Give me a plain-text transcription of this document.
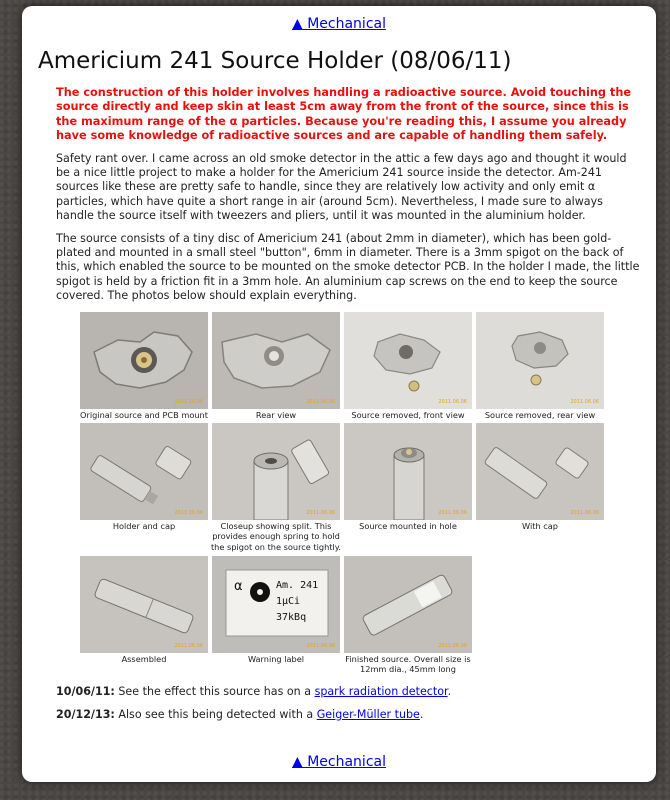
▲ Mechanical
Americium 241 Source Holder (08/06/11)

The construction of this holder involves handling a radioactive source. Avoid touching the source directly and keep skin at least 5cm away from the front of the source, since this is the maximum range of the α particles. Because you're reading this, I assume you already have some knowledge of radioactive sources and are capable of handling them safely.

Safety rant over. I came across an old smoke detector in the attic a few days ago and thought it would be a nice little project to make a holder for the Americium 241 source inside the detector. Am-241 sources like these are pretty safe to handle, since they are relatively low activity and only emit α particles, which have quite a short range in air (around 5cm). Nevertheless, I made sure to always handle the source itself with tweezers and pliers, until it was mounted in the aluminium holder.

The source consists of a tiny disc of Americium 241 (about 2mm in diameter), which has been gold-plated and mounted in a small steel "button", 6mm in diameter. There is a 3mm spigot on the back of this, which enabled the source to be mounted on the smoke detector PCB. In the holder I made, the little spigot is held by a friction fit in a 3mm hole. An aluminium cap screws on the end to keep the source covered. The photos below should explain everything.

2011.06.06
Original source and PCB mount
2011.06.06
Rear view
2011.06.06
Source removed, front view
2011.06.06
Source removed, rear view
2011.06.06
Holder and cap
2011.06.06
Closeup showing split. This provides enough spring to hold the spigot on the source tightly.
2011.06.06
Source mounted in hole
2011.06.06
With cap
2011.06.06
Assembled
α	Am. 241
1μCi
37kBq
2011.06.06
Warning label
2011.06.06
Finished source. Overall size is 12mm dia., 45mm long

10/06/11: See the effect this source has on a spark radiation detector.

20/12/13: Also see this being detected with a Geiger-Müller tube.

▲ Mechanical
